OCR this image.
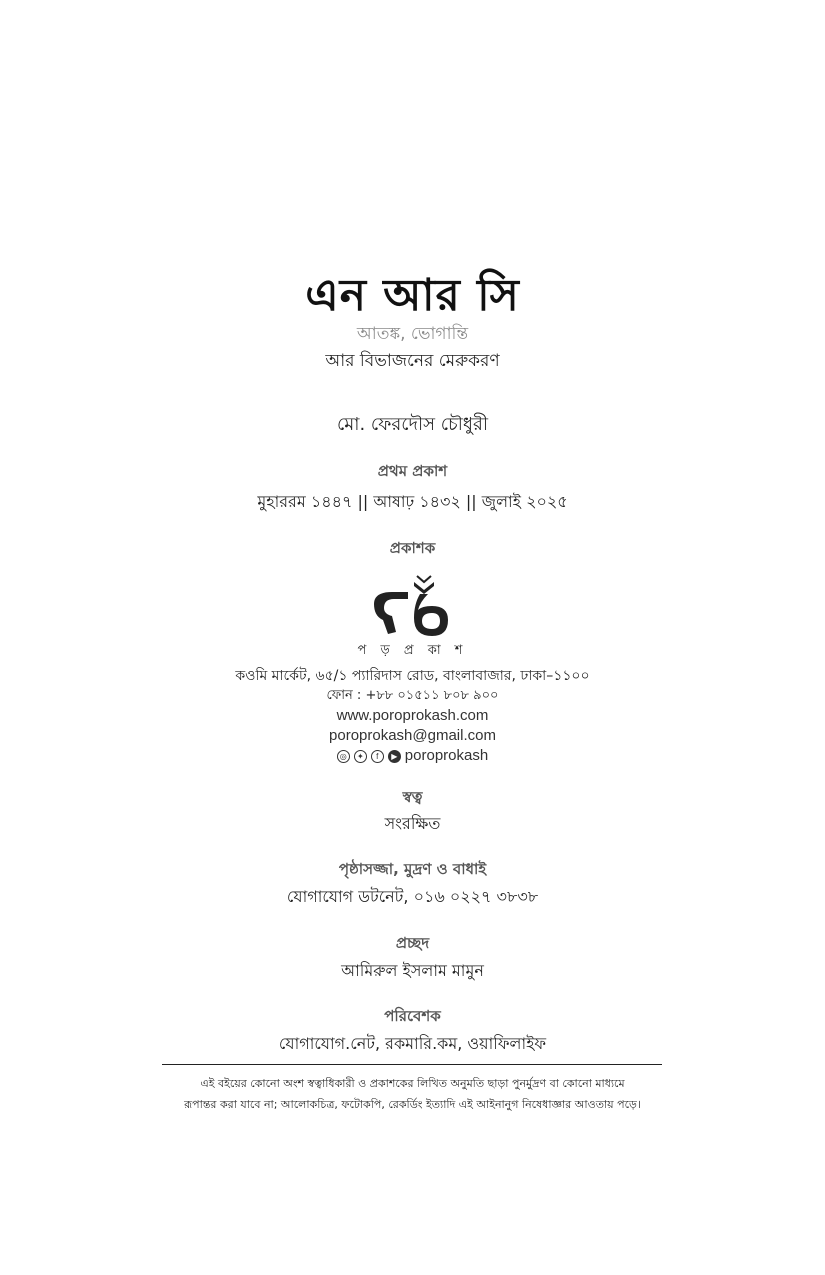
এন আর সি
আতঙ্ক, ভোগান্তি
আর বিভাজনের মেরুকরণ
মো. ফেরদৌস চৌধুরী
প্রথম প্রকাশ
মুহাররম ১৪৪৭ || আষাঢ় ১৪৩২ || জুলাই ২০২৫
প্রকাশক
প ড় প্র কা শ
কওমি মার্কেট, ৬৫/১ প্যারিদাস রোড, বাংলাবাজার, ঢাকা–১১০০
ফোন : +৮৮ ০১৫১১ ৮০৮ ৯০০
www.poroprokash.com
poroprokash@gmail.com
◎ ✦ f ▶ poroprokash
স্বত্ব
সংরক্ষিত
পৃষ্ঠাসজ্জা, মুদ্রণ ও বাধাই
যোগাযোগ ডটনেট, ০১৬ ০২২৭ ৩৮৩৮
প্রচ্ছদ
আমিরুল ইসলাম মামুন
পরিবেশক
যোগাযোগ.নেট, রকমারি.কম, ওয়াফিলাইফ
এই বইয়ের কোনো অংশ স্বত্বাধিকারী ও প্রকাশকের লিখিত অনুমতি ছাড়া পুনর্মুদ্রণ বা কোনো মাধ্যমে
রূপান্তর করা যাবে না; আলোকচিত্র, ফটোকপি, রেকর্ডিং ইত্যাদি এই আইনানুগ নিষেধাজ্ঞার আওতায় পড়ে।
